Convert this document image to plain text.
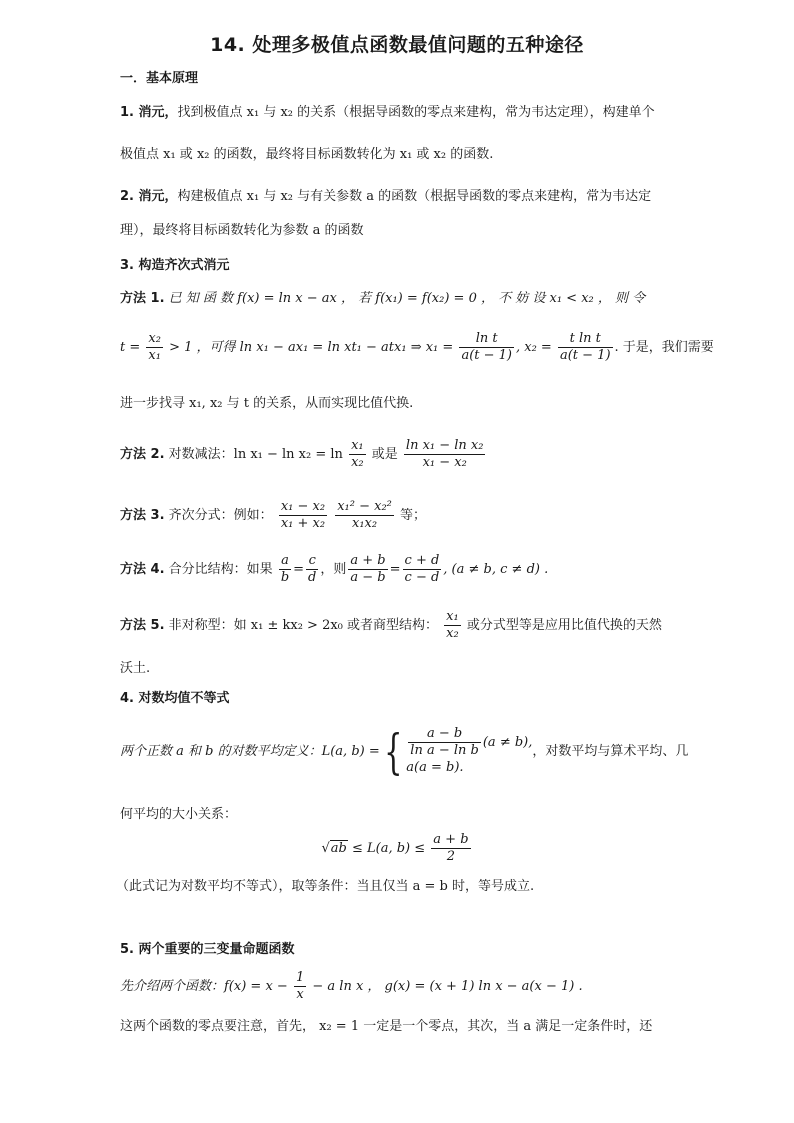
14. 处理多极值点函数最值问题的五种途径
一．基本原理
1. 消元，找到极值点 x₁ 与 x₂ 的关系（根据导函数的零点来建构，常为韦达定理），构建单个
极值点 x₁ 或 x₂ 的函数，最终将目标函数转化为 x₁ 或 x₂ 的函数.
2. 消元，构建极值点 x₁ 与 x₂ 与有关参数 a 的函数（根据导函数的零点来建构，常为韦达定
理），最终将目标函数转化为参数 a 的函数
3. 构造齐次式消元
方法 1. 已 知 函 数 f(x) = ln x − ax ， 若 f(x₁) = f(x₂) = 0 ， 不 妨 设 x₁ < x₂ ， 则 令
$t = \frac{\text{x₂}}{\text{x₁}} > 1$ ，可得 ln x₁ − ax₁ = ln xt₁ − atx₁ ⇒ $x_1 = \frac{\text{ln t}}{a(t - 1)}$ , $x_2 = \frac{\text{t ln t}}{a(t - 1)}$ . 于是，我们需要
进一步找寻 x₁, x₂ 与 t 的关系，从而实现比值代换.
方法 2. 对数减法：$\ln x_1 - \ln x_2 = \ln \frac{\text{x₁}}{\text{x₂}}$ 或是 $\frac{\text{ln x₁ − ln x₂}}{\text{x₁ − x₂}}$
方法 3. 齐次分式：例如： $\frac{\text{x₁ − x₂}}{\text{x₁ + x₂}}$
$\frac{\text{x₁² − x₂²}}{\text{x₁x₂}}$ 等；
方法 4. 合分比结构：如果 $\frac{a}{b} = \frac{c}{d}$ ，则 $\frac{a + b}{a - b} = \frac{c + d}{c - d}$ , (a ≠ b, c ≠ d) .
方法 5. 非对称型：如 x₁ ± kx₂ > 2x₀ 或者商型结构： $\frac{\text{x₁}}{\text{x₂}}$ 或分式型等是应用比值代换的天然
沃土.
4. 对数均值不等式
两个正数 a 和 b 的对数平均定义：L(a, b) ={ $\frac{a - b}{\text{ln a − ln b}} (a \ne b)$,
a(a = b).
，对数平均与算术平均、几
何平均的大小关系：
√ab ≤ L(a, $b) \le \frac{a + b}{2}$
（此式记为对数平均不等式），取等条件：当且仅当 a = b 时，等号成立.
5. 两个重要的三变量命题函数
先介绍两个函数：$f(x) = x - \frac{1}{x} - a$ ln x ， g(x) = (x + 1) ln x − a(x − 1) .
这两个函数的零点要注意，首先， x₂ = 1 一定是一个零点，其次，当 a 满足一定条件时，还
